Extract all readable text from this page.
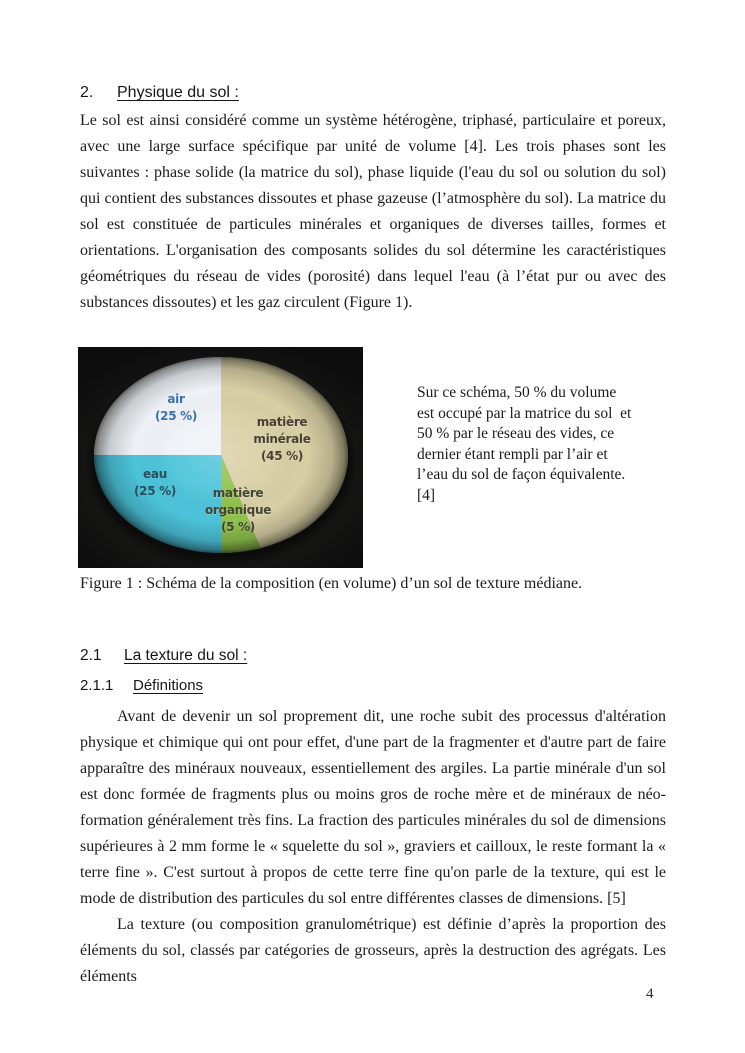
2.	Physique du sol :
Le sol est ainsi considéré comme un système hétérogène, triphasé, particulaire et poreux, avec une large surface spécifique par unité de volume [4]. Les trois phases sont les suivantes : phase solide (la matrice du sol), phase liquide (l'eau du sol ou solution du sol) qui contient des substances dissoutes et phase gazeuse (l’atmosphère du sol). La matrice du sol est constituée de particules minérales et organiques de diverses tailles, formes et orientations. L'organisation des composants solides du sol détermine les caractéristiques géométriques du réseau de vides (porosité) dans lequel l'eau (à l’état pur ou avec des substances dissoutes) et les gaz circulent (Figure 1).
air
(25 %)	matière
minérale
(45 %)
eau
(25 %)	matière
organique
(5 %)
Sur ce schéma, 50 % du volume
est occupé par la matrice du sol  et
50 % par le réseau des vides, ce
dernier étant rempli par l’air et
l’eau du sol de façon équivalente.
[4]
Figure 1 : Schéma de la composition (en volume) d’un sol de texture médiane.
2.1	La texture du sol :
2.1.1	Définitions

Avant de devenir un sol proprement dit, une roche subit des processus d'altération physique et chimique qui ont pour effet, d'une part de la fragmenter et d'autre part de faire apparaître des minéraux nouveaux, essentiellement des argiles. La partie minérale d'un sol est donc formée de fragments plus ou moins gros de roche mère et de minéraux de néo-formation généralement très fins. La fraction des particules minérales du sol de dimensions supérieures à 2 mm forme le « squelette du sol », graviers et cailloux, le reste formant la « terre fine ». C'est surtout à propos de cette terre fine qu'on parle de la texture, qui est le mode de distribution des particules du sol entre différentes classes de dimensions. [5]

La texture (ou composition granulométrique) est définie d’après la proportion des éléments du sol, classés par catégories de grosseurs, après la destruction des agrégats. Les éléments

4
